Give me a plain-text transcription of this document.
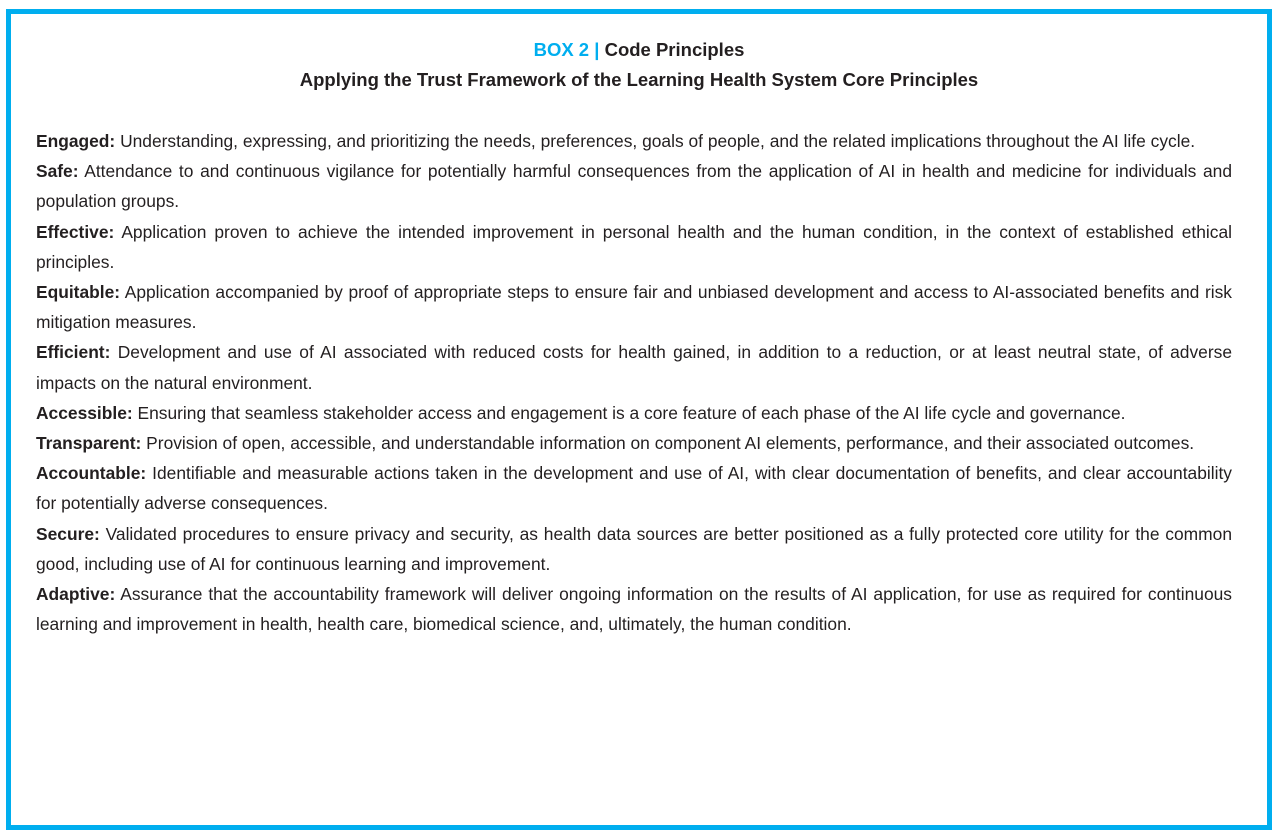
BOX 2 | Code Principles
Applying the Trust Framework of the Learning Health System Core Principles

Engaged: Understanding, expressing, and prioritizing the needs, preferences, goals of people, and the related implications throughout the AI life cycle.

Safe: Attendance to and continuous vigilance for potentially harmful consequences from the application of AI in health and medicine for individuals and population groups.

Effective: Application proven to achieve the intended improvement in personal health and the human condition, in the context of established ethical principles.

Equitable: Application accompanied by proof of appropriate steps to ensure fair and unbiased development and access to AI-associated benefits and risk mitigation measures.

Efficient: Development and use of AI associated with reduced costs for health gained, in addition to a reduction, or at least neutral state, of adverse impacts on the natural environment.

Accessible: Ensuring that seamless stakeholder access and engagement is a core feature of each phase of the AI life cycle and governance.

Transparent: Provision of open, accessible, and understandable information on component AI elements, performance, and their associated outcomes.

Accountable: Identifiable and measurable actions taken in the development and use of AI, with clear documentation of benefits, and clear accountability for potentially adverse consequences.

Secure: Validated procedures to ensure privacy and security, as health data sources are better positioned as a fully protected core utility for the common good, including use of AI for continuous learning and improvement.

Adaptive: Assurance that the accountability framework will deliver ongoing information on the results of AI application, for use as required for continuous learning and improvement in health, health care, biomedical science, and, ultimately, the human condition.
